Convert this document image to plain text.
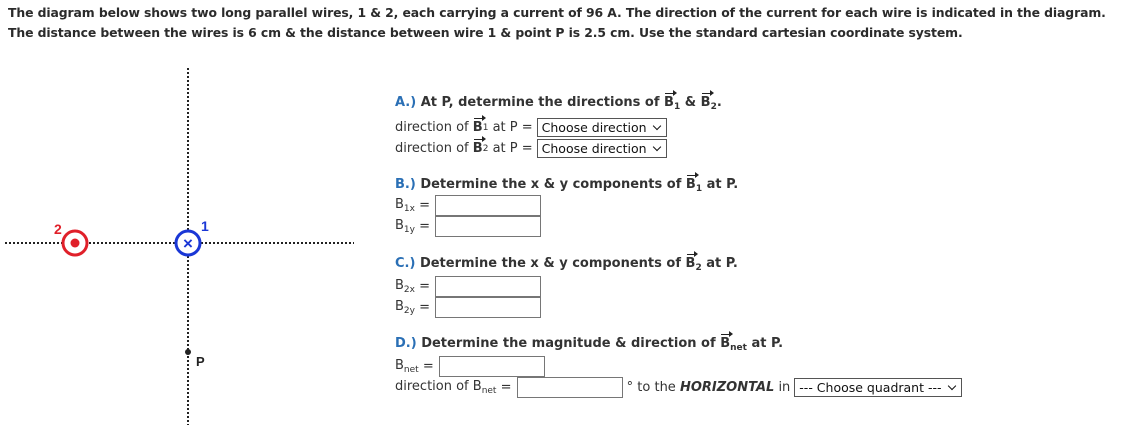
The diagram below shows two long parallel wires, 1 & 2, each carrying a current of 96 A. The direction of the current for each wire is indicated in the diagram. The distance between the wires is 6 cm & the distance between wire 1 & point P is 2.5 cm. Use the standard cartesian coordinate system.
2
×
1
P
A.) At P, determine the directions of $B_1$ & $B_2$.
direction of
B 1
at P = Choose direction
direction of
B 2
at P = Choose direction
B.) Determine the x & y components of $B_1$ at P.
$B_{1x}$
=
$B_{1y}$
=
C.) Determine the x & y components of $B_2$ at P.
$B_{2x}$
=
$B_{2y}$
=
D.) Determine the magnitude & direction of $B_{net}$ at P.
$B_{net}$
=
direction of $B_{net}$
=
	° to the
HORIZONTAL
in --- Choose quadrant ---
